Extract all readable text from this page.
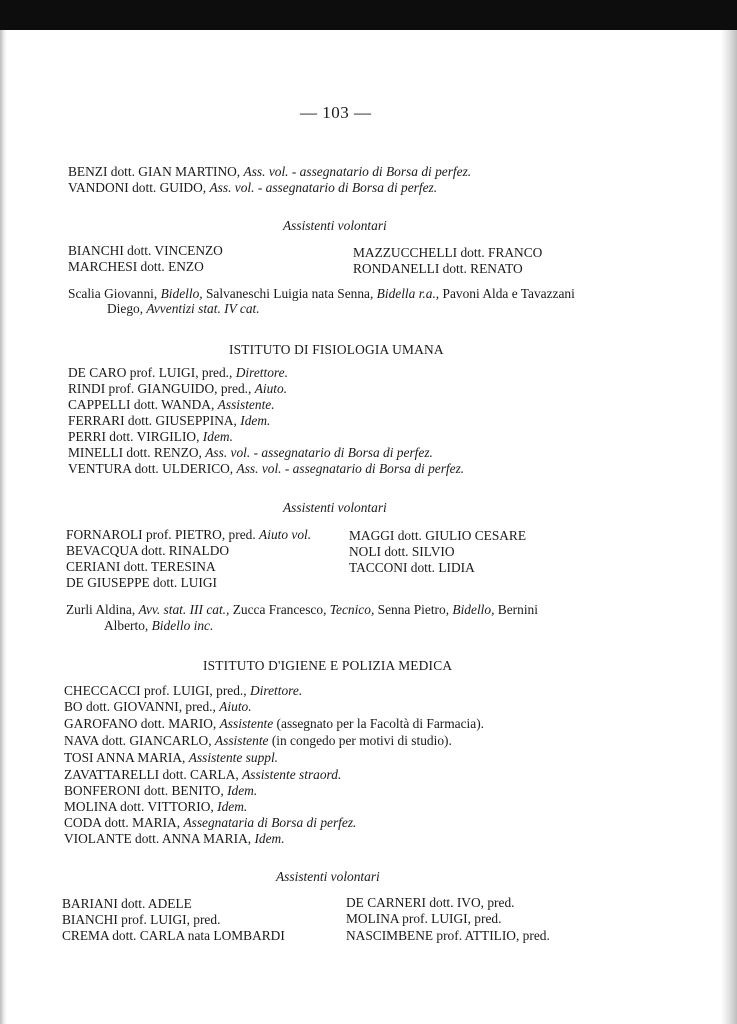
— 103 —
BENZI dott. GIAN MARTINO, Ass. vol. - assegnatario di Borsa di perfez.
VANDONI dott. GUIDO, Ass. vol. - assegnatario di Borsa di perfez.
Assistenti volontari
BIANCHI dott. VINCENZO
MARCHESI dott. ENZO
MAZZUCCHELLI dott. FRANCO
RONDANELLI dott. RENATO
Scalia Giovanni, Bidello, Salvaneschi Luigia nata Senna, Bidella r.a., Pavoni Alda e Tavazzani
Diego, Avventizi stat. IV cat.
ISTITUTO DI FISIOLOGIA UMANA
DE CARO prof. LUIGI, pred., Direttore.
RINDI prof. GIANGUIDO, pred., Aiuto.
CAPPELLI dott. WANDA, Assistente.
FERRARI dott. GIUSEPPINA, Idem.
PERRI dott. VIRGILIO, Idem.
MINELLI dott. RENZO, Ass. vol. - assegnatario di Borsa di perfez.
VENTURA dott. ULDERICO, Ass. vol. - assegnatario di Borsa di perfez.
Assistenti volontari
FORNAROLI prof. PIETRO, pred. Aiuto vol.
BEVACQUA dott. RINALDO
CERIANI dott. TERESINA
DE GIUSEPPE dott. LUIGI
MAGGI dott. GIULIO CESARE
NOLI dott. SILVIO
TACCONI dott. LIDIA
Zurli Aldina, Avv. stat. III cat., Zucca Francesco, Tecnico, Senna Pietro, Bidello, Bernini
Alberto, Bidello inc.
ISTITUTO D'IGIENE E POLIZIA MEDICA
CHECCACCI prof. LUIGI, pred., Direttore.
BO dott. GIOVANNI, pred., Aiuto.
GAROFANO dott. MARIO, Assistente (assegnato per la Facoltà di Farmacia).
NAVA dott. GIANCARLO, Assistente (in congedo per motivi di studio).
TOSI ANNA MARIA, Assistente suppl.
ZAVATTARELLI dott. CARLA, Assistente straord.
BONFERONI dott. BENITO, Idem.
MOLINA dott. VITTORIO, Idem.
CODA dott. MARIA, Assegnataria di Borsa di perfez.
VIOLANTE dott. ANNA MARIA, Idem.
Assistenti volontari
BARIANI dott. ADELE
BIANCHI prof. LUIGI, pred.
CREMA dott. CARLA nata LOMBARDI
DE CARNERI dott. IVO, pred.
MOLINA prof. LUIGI, pred.
NASCIMBENE prof. ATTILIO, pred.
